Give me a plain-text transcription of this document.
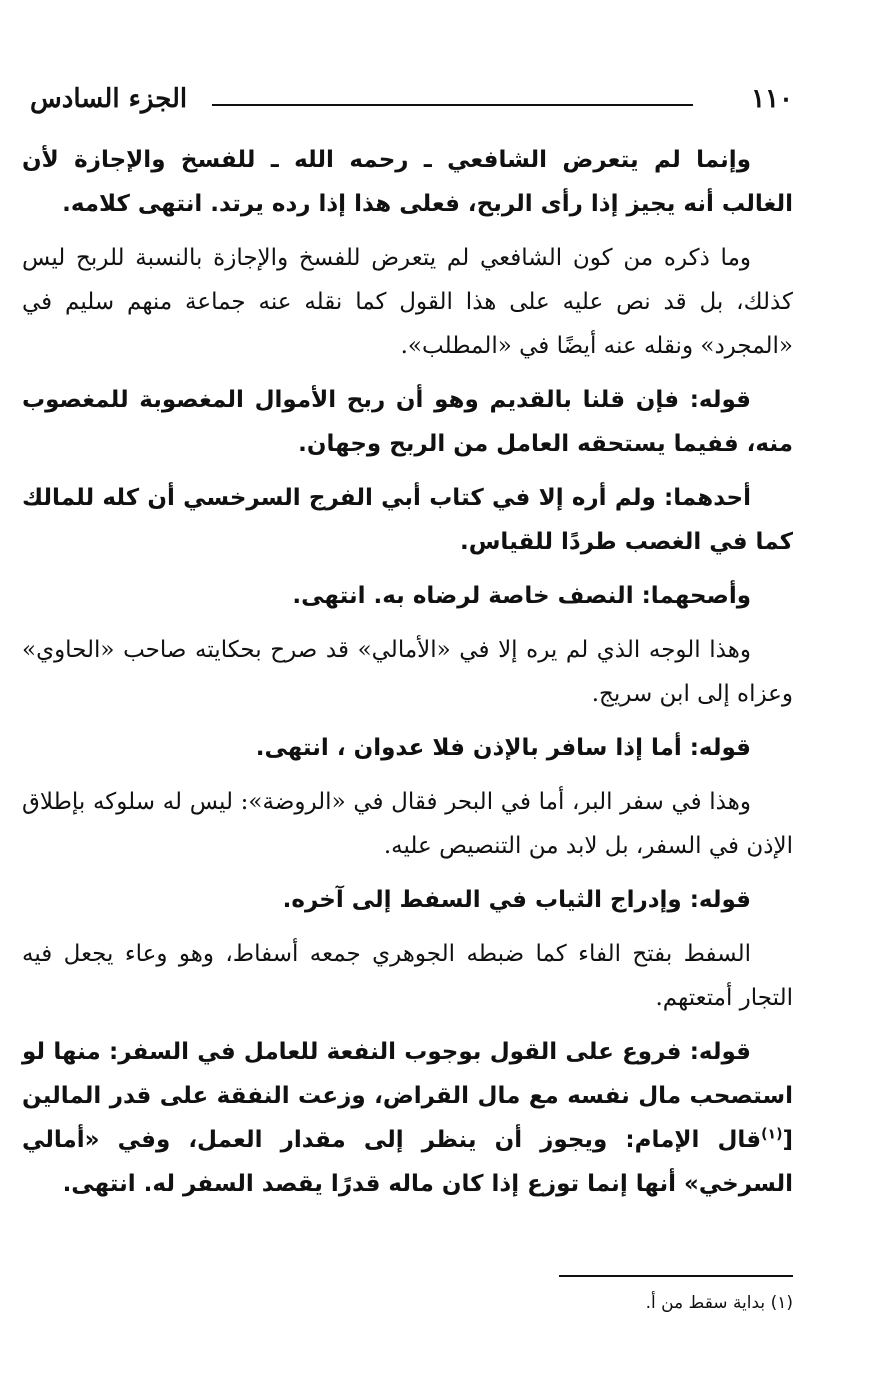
١١٠
الجزء السادس

وإنما لم يتعرض الشافعي ـ رحمه الله ـ للفسخ والإجازة لأن الغالب أنه يجيز إذا رأى الربح، فعلى هذا إذا رده يرتد. انتهى كلامه.

وما ذكره من كون الشافعي لم يتعرض للفسخ والإجازة بالنسبة للربح ليس كذلك، بل قد نص عليه على هذا القول كما نقله عنه جماعة منهم سليم في «المجرد» ونقله عنه أيضًا في «المطلب».

قوله: فإن قلنا بالقديم وهو أن ربح الأموال المغصوبة للمغصوب منه، ففيما يستحقه العامل من الربح وجهان.

أحدهما: ولم أره إلا في كتاب أبي الفرج السرخسي أن كله للمالك كما في الغصب طردًا للقياس.

وأصحهما: النصف خاصة لرضاه به. انتهى.

وهذا الوجه الذي لم يره إلا في «الأمالي» قد صرح بحكايته صاحب «الحاوي» وعزاه إلى ابن سريج.

قوله: أما إذا سافر بالإذن فلا عدوان ، انتهى.

وهذا في سفر البر، أما في البحر فقال في «الروضة»: ليس له سلوكه بإطلاق الإذن في السفر، بل لابد من التنصيص عليه.

قوله: وإدراج الثياب في السفط إلى آخره.

السفط بفتح الفاء كما ضبطه الجوهري جمعه أسفاط، وهو وعاء يجعل فيه التجار أمتعتهم.

قوله: فروع على القول بوجوب النفعة للعامل في السفر: منها لو استصحب مال نفسه مع مال القراض، وزعت النفقة على قدر المالين [$^{(١)}$قال الإمام: ويجوز أن ينظر إلى مقدار العمل، وفي «أمالي السرخي» أنها إنما توزع إذا كان ماله قدرًا يقصد السفر له. انتهى.

(١) بداية سقط من أ.
